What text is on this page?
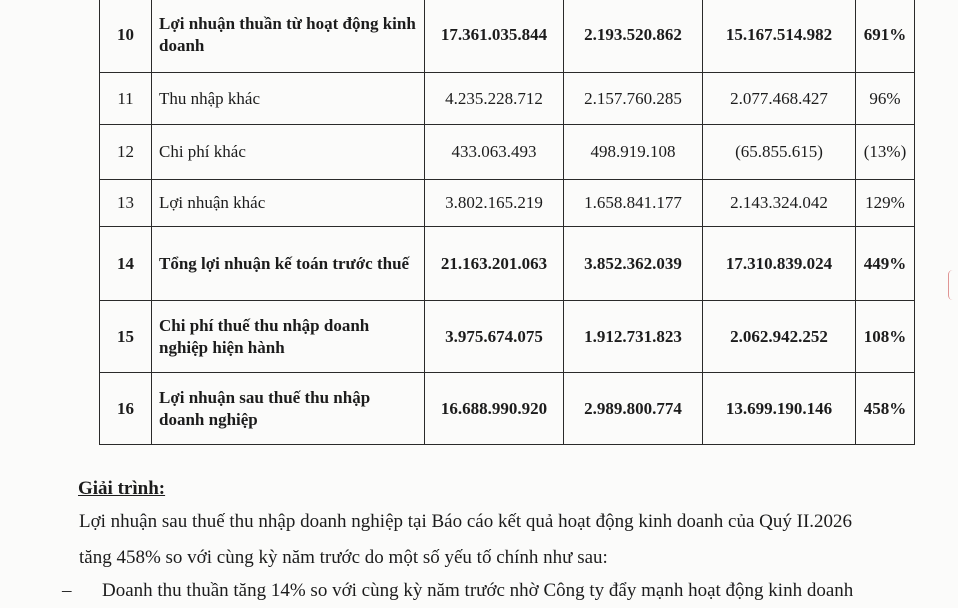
10	Lợi nhuận thuần từ hoạt động kinh doanh	17.361.035.844	2.193.520.862	15.167.514.982	691%
11	Thu nhập khác	4.235.228.712	2.157.760.285	2.077.468.427	96%
12	Chi phí khác	433.063.493	498.919.108	(65.855.615)	(13%)
13	Lợi nhuận khác	3.802.165.219	1.658.841.177	2.143.324.042	129%
14	Tổng lợi nhuận kế toán trước thuế	21.163.201.063	3.852.362.039	17.310.839.024	449%
15	Chi phí thuế thu nhập doanh nghiệp hiện hành	3.975.674.075	1.912.731.823	2.062.942.252	108%
16	Lợi nhuận sau thuế thu nhập doanh nghiệp	16.688.990.920	2.989.800.774	13.699.190.146	458%
Giải trình:
Lợi nhuận sau thuế thu nhập doanh nghiệp tại Báo cáo kết quả hoạt động kinh doanh của Quý II.2026
tăng 458% so với cùng kỳ năm trước do một số yếu tố chính như sau:
– Doanh thu thuần tăng 14% so với cùng kỳ năm trước nhờ Công ty đẩy mạnh hoạt động kinh doanh
